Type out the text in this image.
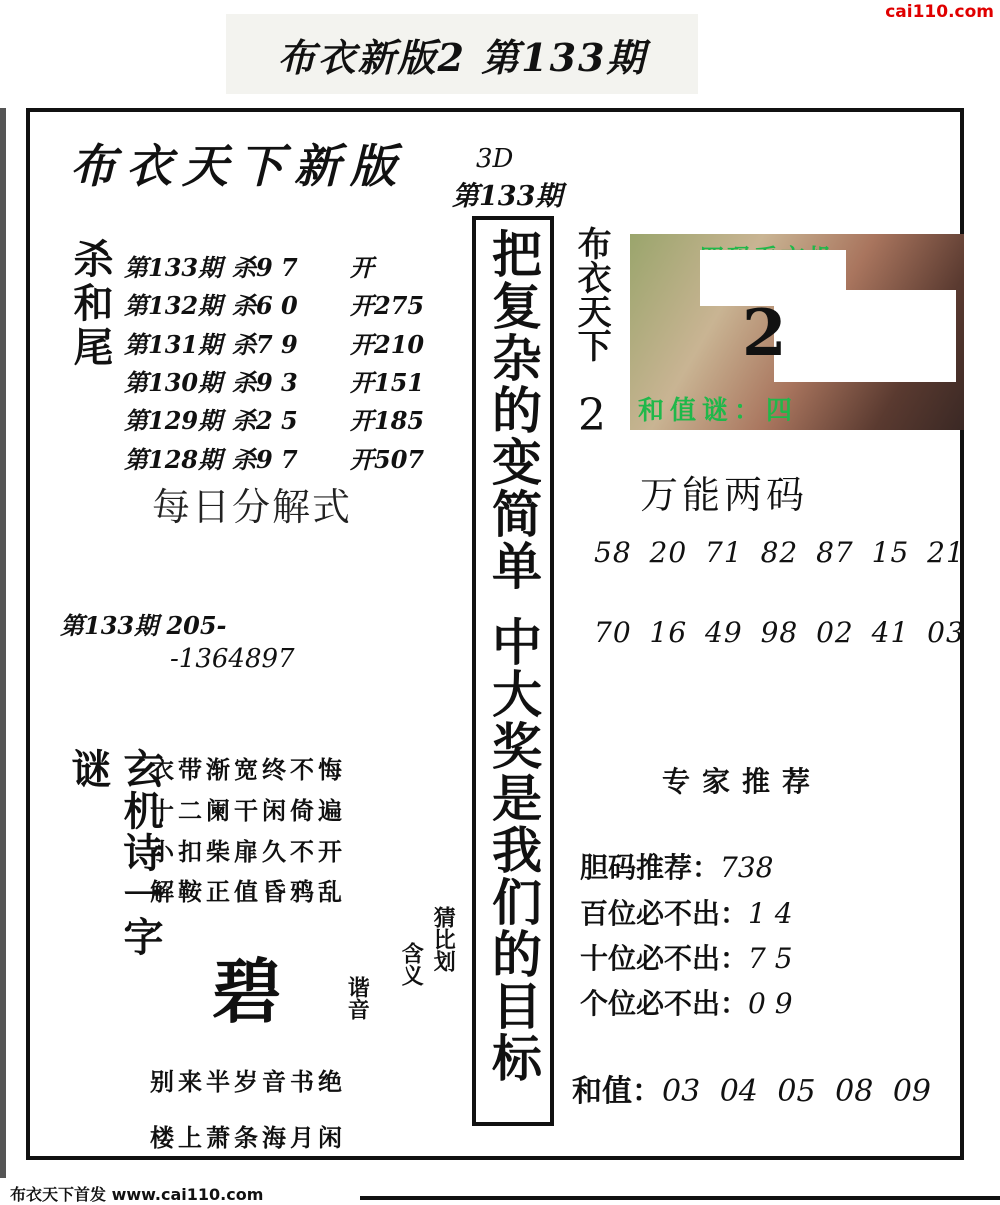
cai110.com
布衣新版2 第133期
布衣天下新版	3D
第133期
杀和尾 第133期 杀9 7	开
第132期 杀6 0	开275
第131期 杀7 9	开210
第130期 杀9 3	开151
第129期 杀2 5	开185
第128期 杀9 7	开507
每日分解式
第133期 205-
-1364897
玄机诗一字谜	衣带渐宽终不悔
十二阑干闲倚遍
小扣柴扉久不开
解鞍正值昏鸦乱
碧
猜比划
含义
谐音
别来半岁音书绝
楼上萧条海月闲
把复杂的变简单中大奖是我们的目标
布衣天下
2
2
和值谜：四
万能两码
58 20 71 82 87 15 21
70 16 49 98 02 41 03
专家推荐
胆码推荐：738
百位必不出：1 4
十位必不出：7 5
个位必不出：0 9
和值：03 04 05 08 09
布衣天下首发 www.cai110.com
